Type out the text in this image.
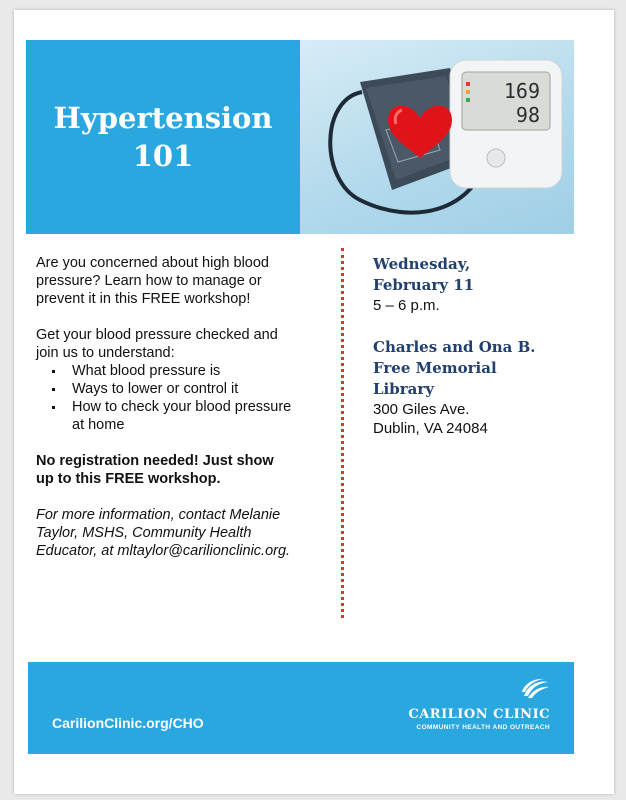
Hypertension
101
169
98

Are you concerned about high blood
pressure? Learn how to manage or
prevent it in this FREE workshop!

Get your blood pressure checked and
join us to understand:

What blood pressure is
Ways to lower or control it
How to check your blood pressure
at home

No registration needed! Just show
up to this FREE workshop.

For more information, contact Melanie
Taylor, MSHS, Community Health
Educator, at mltaylor@carilionclinic.org.

Wednesday,
February 11
5 – 6 p.m.
Charles and Ona B.
Free Memorial
Library
300 Giles Ave.
Dublin, VA 24084
CarilionClinic.org/CHO
CARILION CLINIC
COMMUNITY HEALTH AND OUTREACH
